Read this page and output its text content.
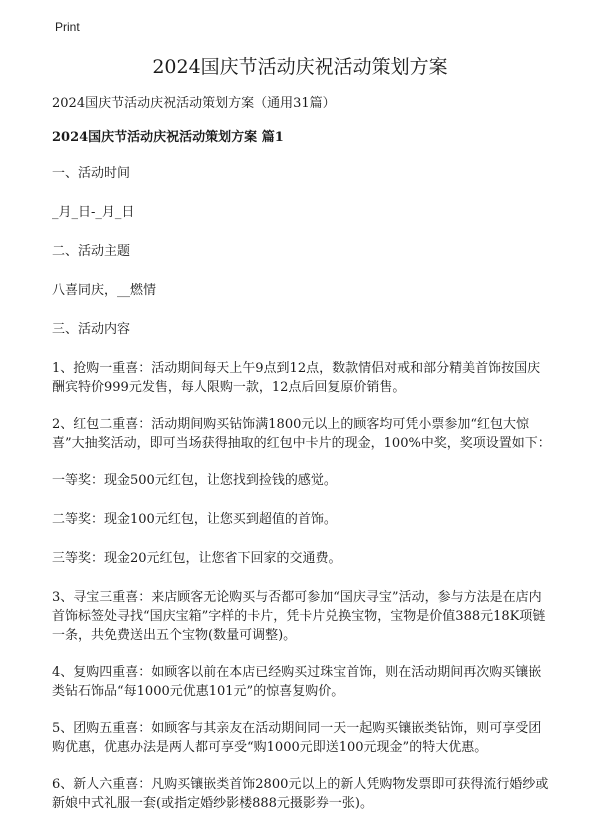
Print
2024国庆节活动庆祝活动策划方案

2024国庆节活动庆祝活动策划方案（通用31篇）

2024国庆节活动庆祝活动策划方案 篇1

一、活动时间

_月_日-_月_日

二、活动主题

八喜同庆，__燃情

三、活动内容

1、抢购一重喜：活动期间每天上午9点到12点，数款情侣对戒和部分精美首饰按国庆酬宾特价999元发售，每人限购一款，12点后回复原价销售。

2、红包二重喜：活动期间购买钻饰满1800元以上的顾客均可凭小票参加“红包大惊喜”大抽奖活动，即可当场获得抽取的红包中卡片的现金，100%中奖，奖项设置如下：

一等奖：现金500元红包，让您找到捡钱的感觉。

二等奖：现金100元红包，让您买到超值的首饰。

三等奖：现金20元红包，让您省下回家的交通费。

3、寻宝三重喜：来店顾客无论购买与否都可参加“国庆寻宝”活动，参与方法是在店内首饰标签处寻找“国庆宝箱”字样的卡片，凭卡片兑换宝物，宝物是价值388元18K项链一条，共免费送出五个宝物(数量可调整)。

4、复购四重喜：如顾客以前在本店已经购买过珠宝首饰，则在活动期间再次购买镶嵌类钻石饰品“每1000元优惠101元”的惊喜复购价。

5、团购五重喜：如顾客与其亲友在活动期间同一天一起购买镶嵌类钻饰，则可享受团购优惠，优惠办法是两人都可享受“购1000元即送100元现金”的特大优惠。

6、新人六重喜：凡购买镶嵌类首饰2800元以上的新人凭购物发票即可获得流行婚纱或新娘中式礼服一套(或指定婚纱影楼888元摄影券一张)。
